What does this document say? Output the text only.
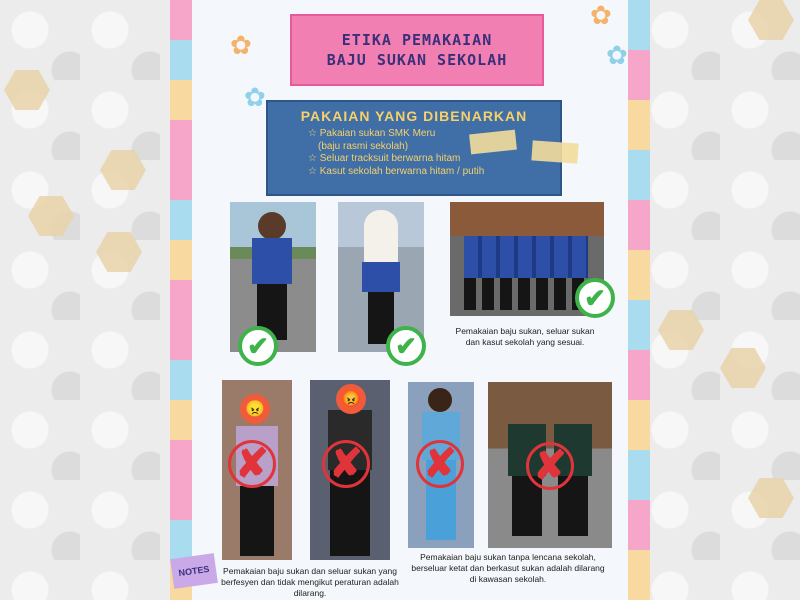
✿
✿
✿
✿
ETIKA PEMAKAIAN
BAJU SUKAN SEKOLAH
PAKAIAN YANG DIBENARKAN
☆ Pakaian sukan SMK Meru
(baju rasmi sekolah)
☆ Seluar tracksuit berwarna hitam
☆ Kasut sekolah berwarna hitam / putih
✔	✔
✔
Pemakaian baju sukan, seluar sukan dan kasut sekolah yang sesuai.
😠
✘
😡
✘
Pemakaian baju sukan dan seluar sukan yang berfesyen dan tidak mengikut peraturan adalah dilarang.
✘ ✘
Pemakaian baju sukan tanpa lencana sekolah, berseluar ketat dan berkasut sukan adalah dilarang di kawasan sekolah.
NOTES
